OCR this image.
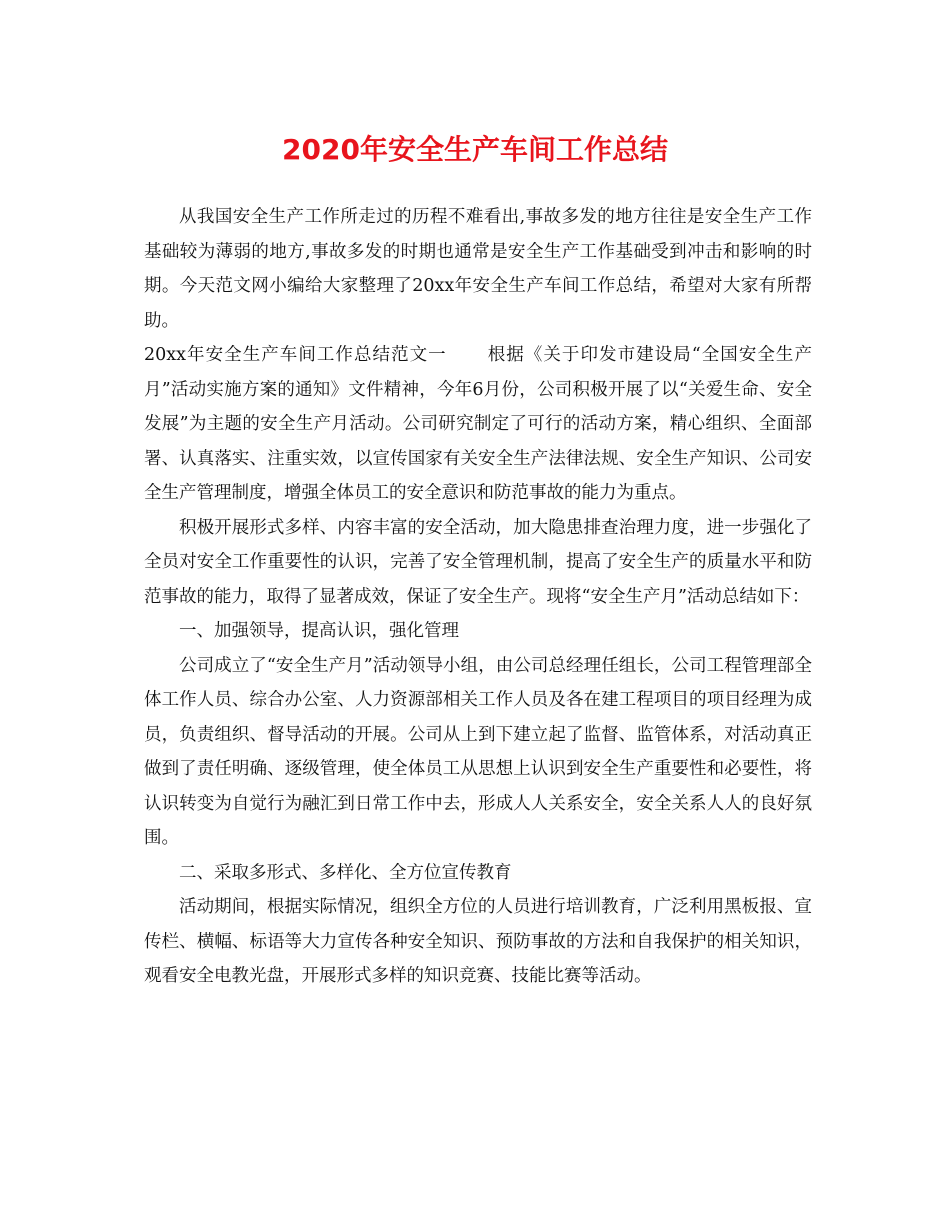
2020年安全生产车间工作总结

从我国安全生产工作所走过的历程不难看出,事故多发的地方往往是安全生产工作基础较为薄弱的地方,事故多发的时期也通常是安全生产工作基础受到冲击和影响的时期。今天范文网小编给大家整理了20xx年安全生产车间工作总结，希望对大家有所帮助。

20xx年安全生产车间工作总结范文一 根据《关于印发市建设局“全国安全生产月”活动实施方案的通知》文件精神，今年6月份，公司积极开展了以“关爱生命、安全发展”为主题的安全生产月活动。公司研究制定了可行的活动方案，精心组织、全面部署、认真落实、注重实效，以宣传国家有关安全生产法律法规、安全生产知识、公司安全生产管理制度，增强全体员工的安全意识和防范事故的能力为重点。

积极开展形式多样、内容丰富的安全活动，加大隐患排查治理力度，进一步强化了全员对安全工作重要性的认识，完善了安全管理机制，提高了安全生产的质量水平和防范事故的能力，取得了显著成效，保证了安全生产。现将“安全生产月”活动总结如下：

一、加强领导，提高认识，强化管理

公司成立了“安全生产月”活动领导小组，由公司总经理任组长，公司工程管理部全体工作人员、综合办公室、人力资源部相关工作人员及各在建工程项目的项目经理为成员，负责组织、督导活动的开展。公司从上到下建立起了监督、监管体系，对活动真正做到了责任明确、逐级管理，使全体员工从思想上认识到安全生产重要性和必要性，将认识转变为自觉行为融汇到日常工作中去，形成人人关系安全，安全关系人人的良好氛围。

二、采取多形式、多样化、全方位宣传教育

活动期间，根据实际情况，组织全方位的人员进行培训教育，广泛利用黑板报、宣传栏、横幅、标语等大力宣传各种安全知识、预防事故的方法和自我保护的相关知识，观看安全电教光盘，开展形式多样的知识竞赛、技能比赛等活动。
